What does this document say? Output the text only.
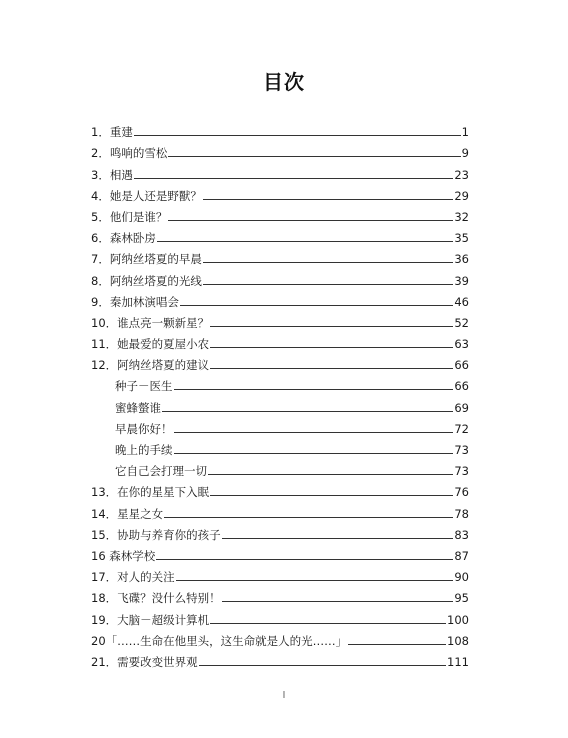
目次
1．重建	1
2．鸣响的雪松	9
3．相遇	23
4．她是人还是野獸？	29
5．他们是谁？	32
6．森林卧房	35
7．阿纳丝塔夏的早晨	36
8．阿纳丝塔夏的光线	39
9．秦加林演唱会	46
10．谁点亮一颗新星？	52
11．她最爱的夏屋小农	63
12．阿纳丝塔夏的建议	66
种子－医生	66
蜜蜂螫谁	69
早晨你好！	72
晚上的手续	73
它自己会打理一切	73
13．在你的星星下入眠	76
14．星星之女	78
15．协助与养育你的孩子	83
16 森林学校	87
17．对人的关注	90
18．飞碟？没什么特别！	95
19．大脑－超级计算机	100
20「……生命在他里头，这生命就是人的光……」	108
21．需要改变世界观	111
I
